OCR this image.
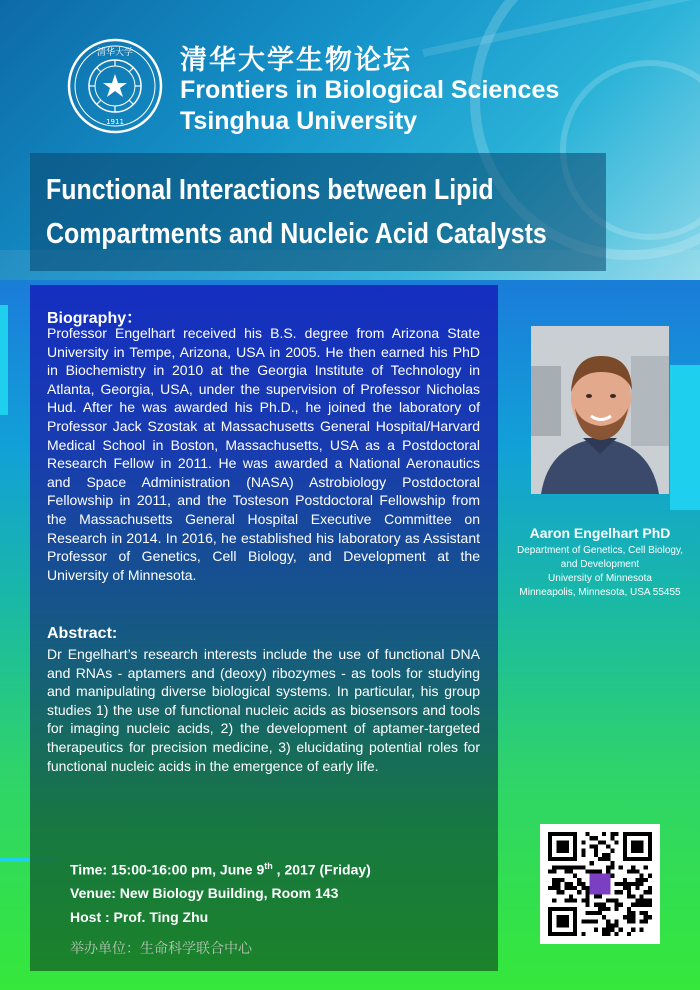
清华大学
1911
清华大学生物论坛
Frontiers in Biological Sciences
Tsinghua University
Functional Interactions between Lipid
Compartments and Nucleic Acid Catalysts
Biography：
Professor Engelhart received his B.S. degree from Arizona State University in Tempe, Arizona, USA in 2005. He then earned his PhD in Biochemistry in 2010 at the Georgia Institute of Technology in Atlanta, Georgia, USA, under the supervision of Professor Nicholas Hud. After he was awarded his Ph.D., he joined the laboratory of Professor Jack Szostak at Massachusetts General Hospital/Harvard Medical School in Boston, Massachusetts, USA as a Postdoctoral Research Fellow in 2011. He was awarded a National Aeronautics and Space Administration (NASA) Astrobiology Postdoctoral Fellowship in 2011, and the Tosteson Postdoctoral Fellowship from the Massachusetts General Hospital Executive Committee on Research in 2014. In 2016, he established his laboratory as Assistant Professor of Genetics, Cell Biology, and Development at the University of Minnesota.
Abstract:
Dr Engelhart’s research interests include the use of functional DNA and RNAs - aptamers and (deoxy) ribozymes - as tools for studying and manipulating diverse biological systems. In particular, his group studies 1) the use of functional nucleic acids as biosensors and tools for imaging nucleic acids, 2) the development of aptamer-targeted therapeutics for precision medicine, 3) elucidating potential roles for functional nucleic acids in the emergence of early life.
Time: 15:00-16:00 pm, June 9th , 2017 (Friday)
Venue: New Biology Building, Room 143
Host : Prof. Ting Zhu
举办单位：生命科学联合中心
Aaron Engelhart PhD
Department of Genetics, Cell Biology,
and Development
University of Minnesota
Minneapolis, Minnesota, USA 55455
